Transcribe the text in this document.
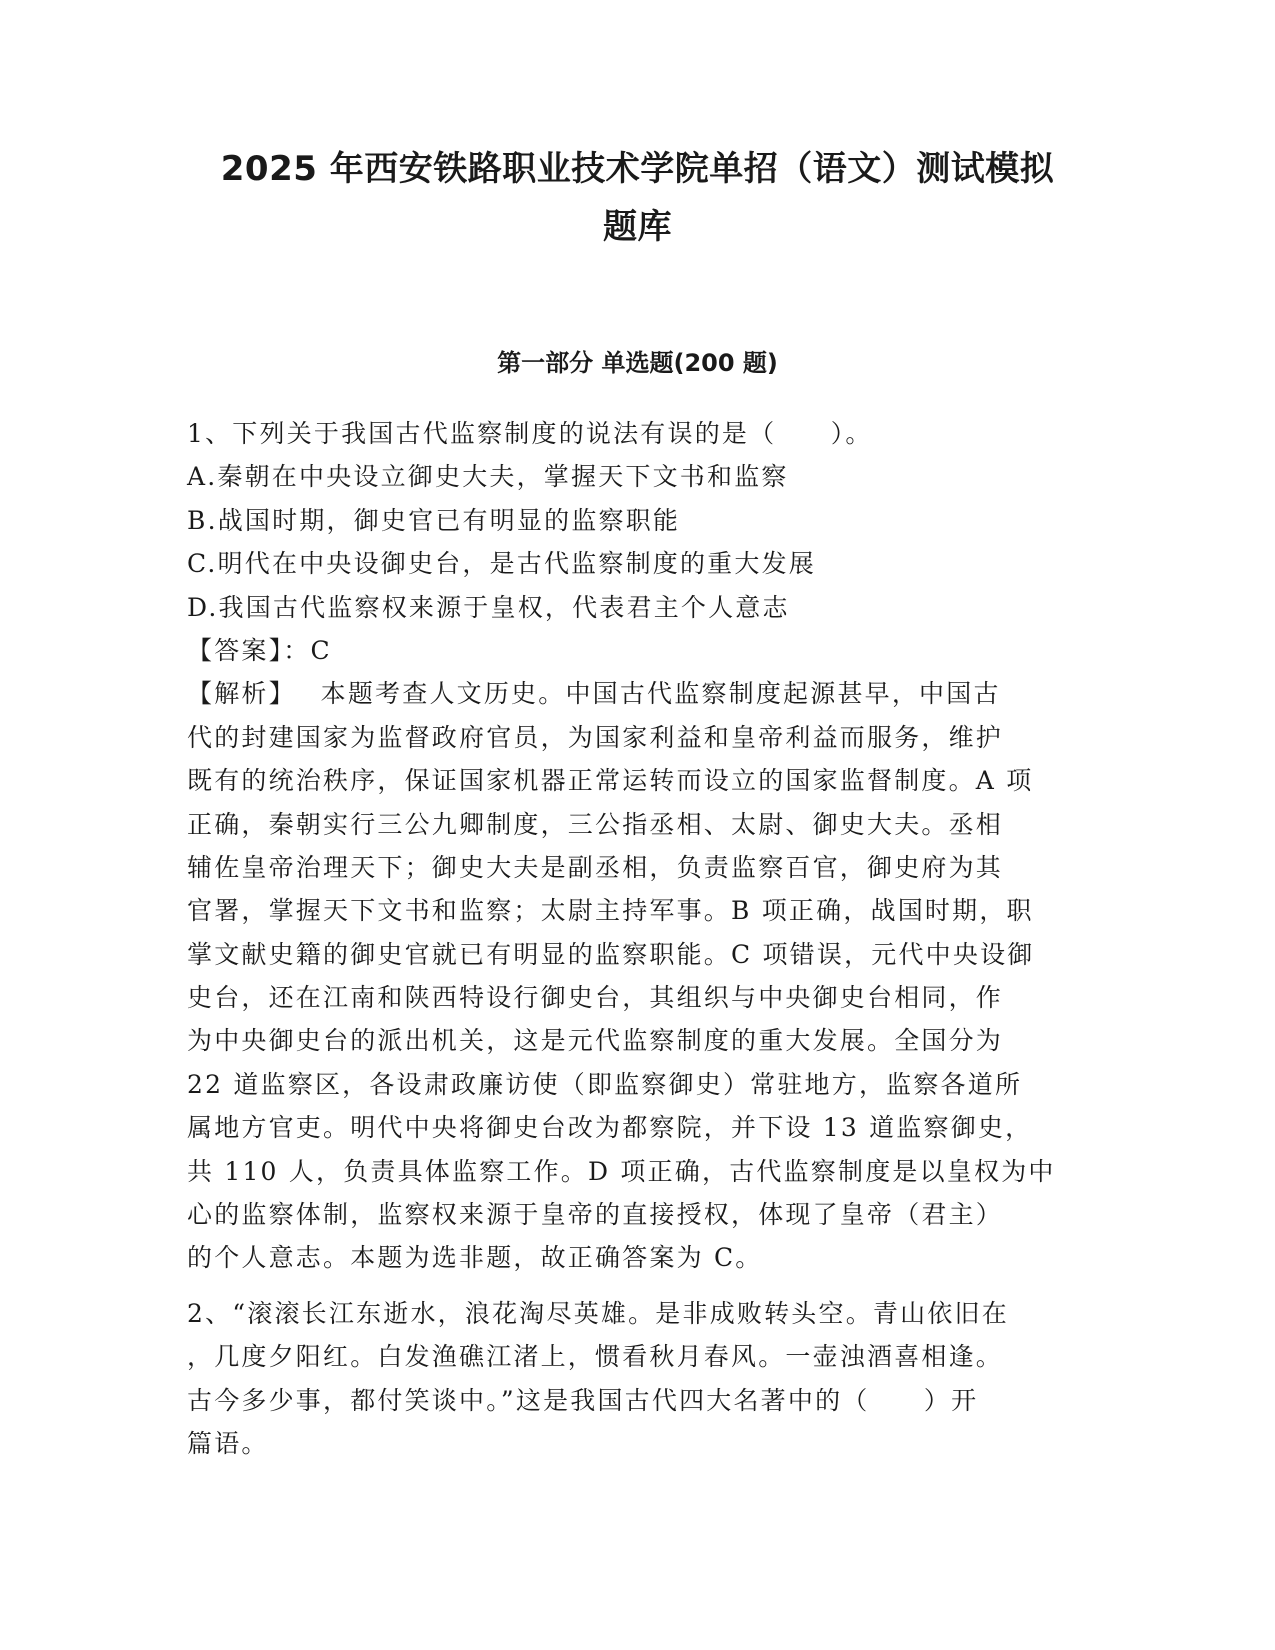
2025 年西安铁路职业技术学院单招（语文）测试模拟
题库
第一部分 单选题(200 题)
1、下列关于我国古代监察制度的说法有误的是（　　）。
A.秦朝在中央设立御史大夫，掌握天下文书和监察
B.战国时期，御史官已有明显的监察职能
C.明代在中央设御史台，是古代监察制度的重大发展
D.我国古代监察权来源于皇权，代表君主个人意志
【答案】：C
【解析】　 本题考查人文历史。中国古代监察制度起源甚早，中国古
代的封建国家为监督政府官员，为国家利益和皇帝利益而服务，维护
既有的统治秩序，保证国家机器正常运转而设立的国家监督制度。A 项
正确，秦朝实行三公九卿制度，三公指丞相、太尉、御史大夫。丞相
辅佐皇帝治理天下；御史大夫是副丞相，负责监察百官，御史府为其
官署，掌握天下文书和监察；太尉主持军事。B 项正确，战国时期，职
掌文献史籍的御史官就已有明显的监察职能。C 项错误，元代中央设御
史台，还在江南和陕西特设行御史台，其组织与中央御史台相同，作
为中央御史台的派出机关，这是元代监察制度的重大发展。全国分为
22 道监察区，各设肃政廉访使（即监察御史）常驻地方，监察各道所
属地方官吏。明代中央将御史台改为都察院，并下设 13 道监察御史，
共 110 人，负责具体监察工作。D 项正确，古代监察制度是以皇权为中
心的监察体制，监察权来源于皇帝的直接授权，体现了皇帝（君主）
的个人意志。本题为选非题，故正确答案为 C。
2、“滚滚长江东逝水，浪花淘尽英雄。是非成败转头空。青山依旧在
，几度夕阳红。白发渔礁江渚上，惯看秋月春风。一壶浊酒喜相逢。
古今多少事，都付笑谈中。”这是我国古代四大名著中的（　　）开
篇语。
